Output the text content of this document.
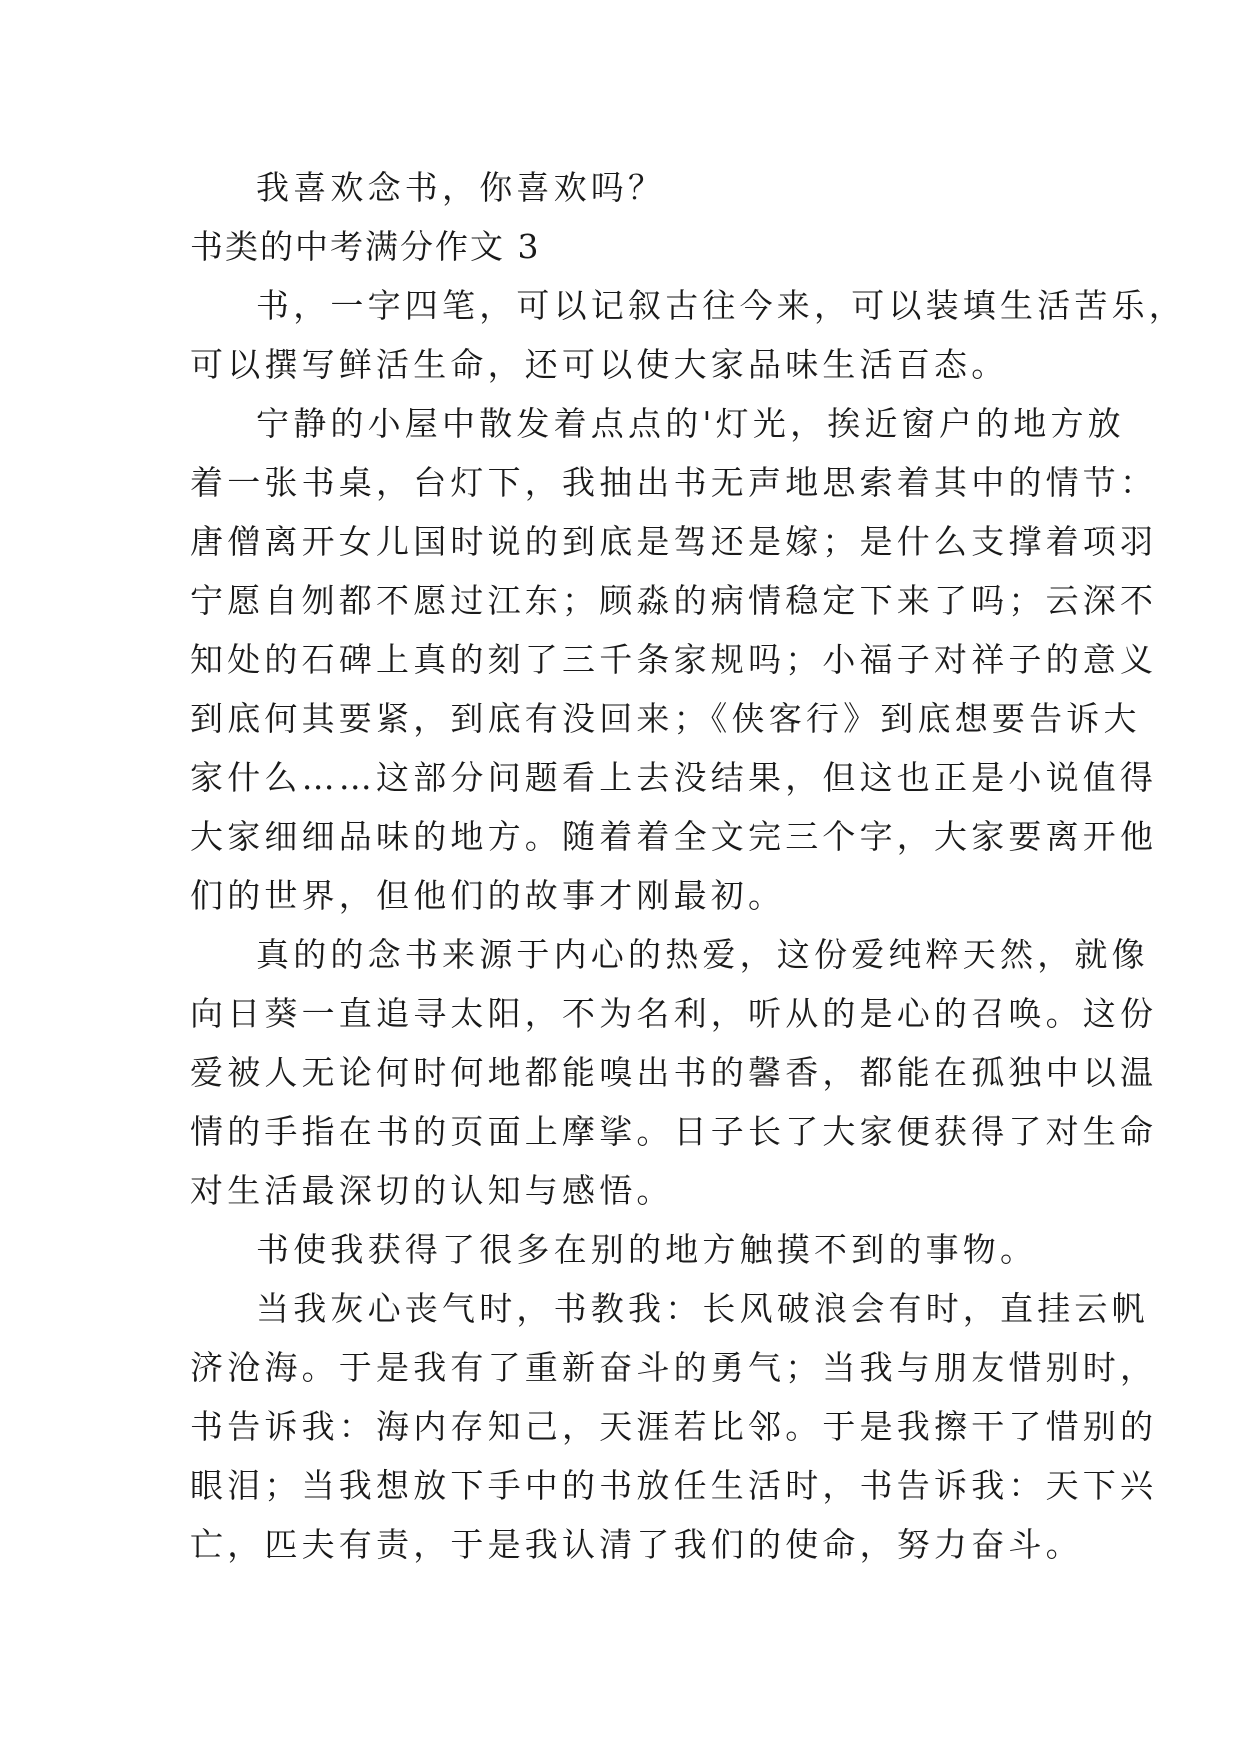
我喜欢念书，你喜欢吗？
书类的中考满分作文 3
书，一字四笔，可以记叙古往今来，可以装填生活苦乐，
可以撰写鲜活生命，还可以使大家品味生活百态。
宁静的小屋中散发着点点的'灯光，挨近窗户的地方放
着一张书桌，台灯下，我抽出书无声地思索着其中的情节：
唐僧离开女儿国时说的到底是驾还是嫁；是什么支撑着项羽
宁愿自刎都不愿过江东；顾淼的病情稳定下来了吗；云深不
知处的石碑上真的刻了三千条家规吗；小福子对祥子的意义
到底何其要紧，到底有没回来；《侠客行》到底想要告诉大
家什么……这部分问题看上去没结果，但这也正是小说值得
大家细细品味的地方。随着着全文完三个字，大家要离开他
们的世界，但他们的故事才刚最初。
真的的念书来源于内心的热爱，这份爱纯粹天然，就像
向日葵一直追寻太阳，不为名利，听从的是心的召唤。这份
爱被人无论何时何地都能嗅出书的馨香，都能在孤独中以温
情的手指在书的页面上摩挲。日子长了大家便获得了对生命
对生活最深切的认知与感悟。
书使我获得了很多在别的地方触摸不到的事物。
当我灰心丧气时，书教我：长风破浪会有时，直挂云帆
济沧海。于是我有了重新奋斗的勇气；当我与朋友惜别时，
书告诉我：海内存知己，天涯若比邻。于是我擦干了惜别的
眼泪；当我想放下手中的书放任生活时，书告诉我：天下兴
亡，匹夫有责，于是我认清了我们的使命，努力奋斗。
